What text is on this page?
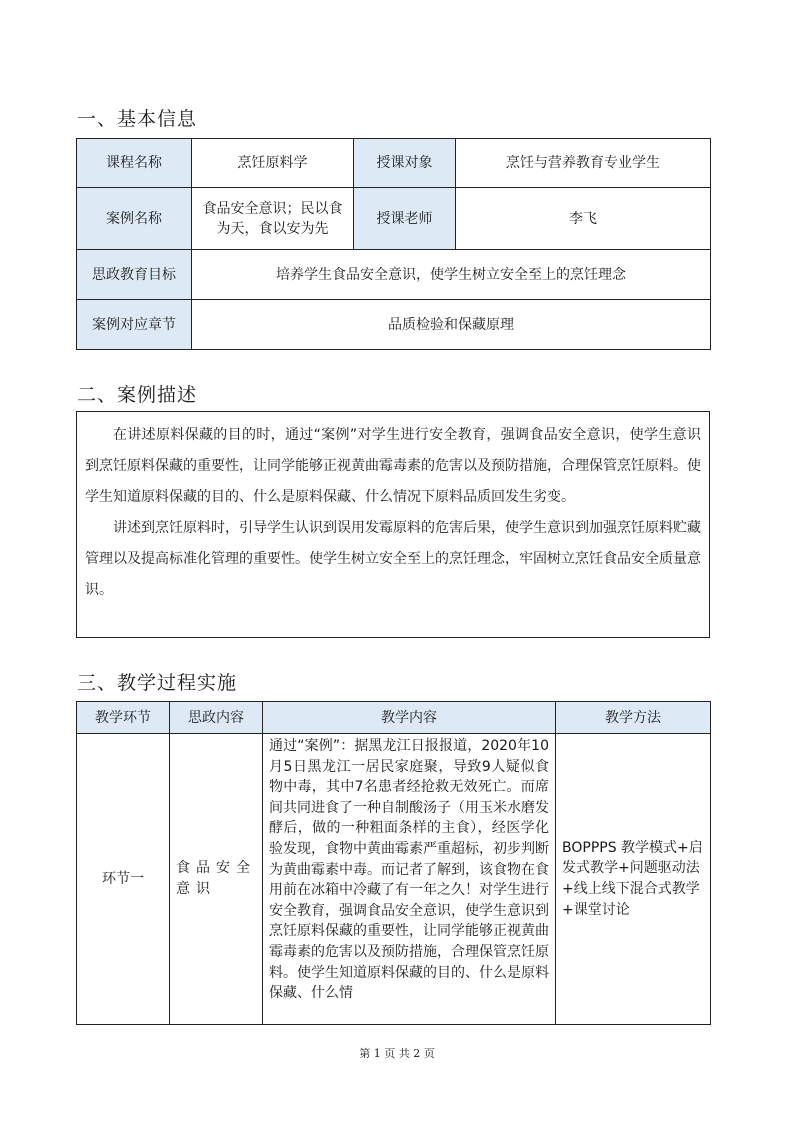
一、基本信息
课程名称	烹饪原料学	授课对象	烹饪与营养教育专业学生
案例名称	食品安全意识；民以食为天，食以安为先	授课老师	李飞
思政教育目标	培养学生食品安全意识，使学生树立安全至上的烹饪理念		
案例对应章节	品质检验和保藏原理		
二、案例描述

在讲述原料保藏的目的时，通过“案例”对学生进行安全教育，强调食品安全意识，使学生意识到烹饪原料保藏的重要性，让同学能够正视黄曲霉毒素的危害以及预防措施，合理保管烹饪原料。使学生知道原料保藏的目的、什么是原料保藏、什么情况下原料品质回发生劣变。

讲述到烹饪原料时，引导学生认识到误用发霉原料的危害后果，使学生意识到加强烹饪原料贮藏管理以及提高标准化管理的重要性。使学生树立安全至上的烹饪理念，牢固树立烹饪食品安全质量意识。

三、教学过程实施
教学环节	思政内容	教学内容	教学方法
环节一	食品安全意识	通过“案例”：据黑龙江日报报道，2020年10月5日黑龙江一居民家庭聚，导致9人疑似食物中毒，其中7名患者经抢救无效死亡。而席间共同进食了一种自制酸汤子（用玉米水磨发酵后，做的一种粗面条样的主食），经医学化验发现，食物中黄曲霉素严重超标，初步判断为黄曲霉素中毒。而记者了解到，该食物在食用前在冰箱中冷藏了有一年之久！对学生进行安全教育，强调食品安全意识，使学生意识到烹饪原料保藏的重要性，让同学能够正视黄曲霉毒素的危害以及预防措施，合理保管烹饪原料。使学生知道原料保藏的目的、什么是原料保藏、什么情	BOPPPS 教学模式+启发式教学+问题驱动法+线上线下混合式教学+课堂讨论
第 1 页 共 2 页
